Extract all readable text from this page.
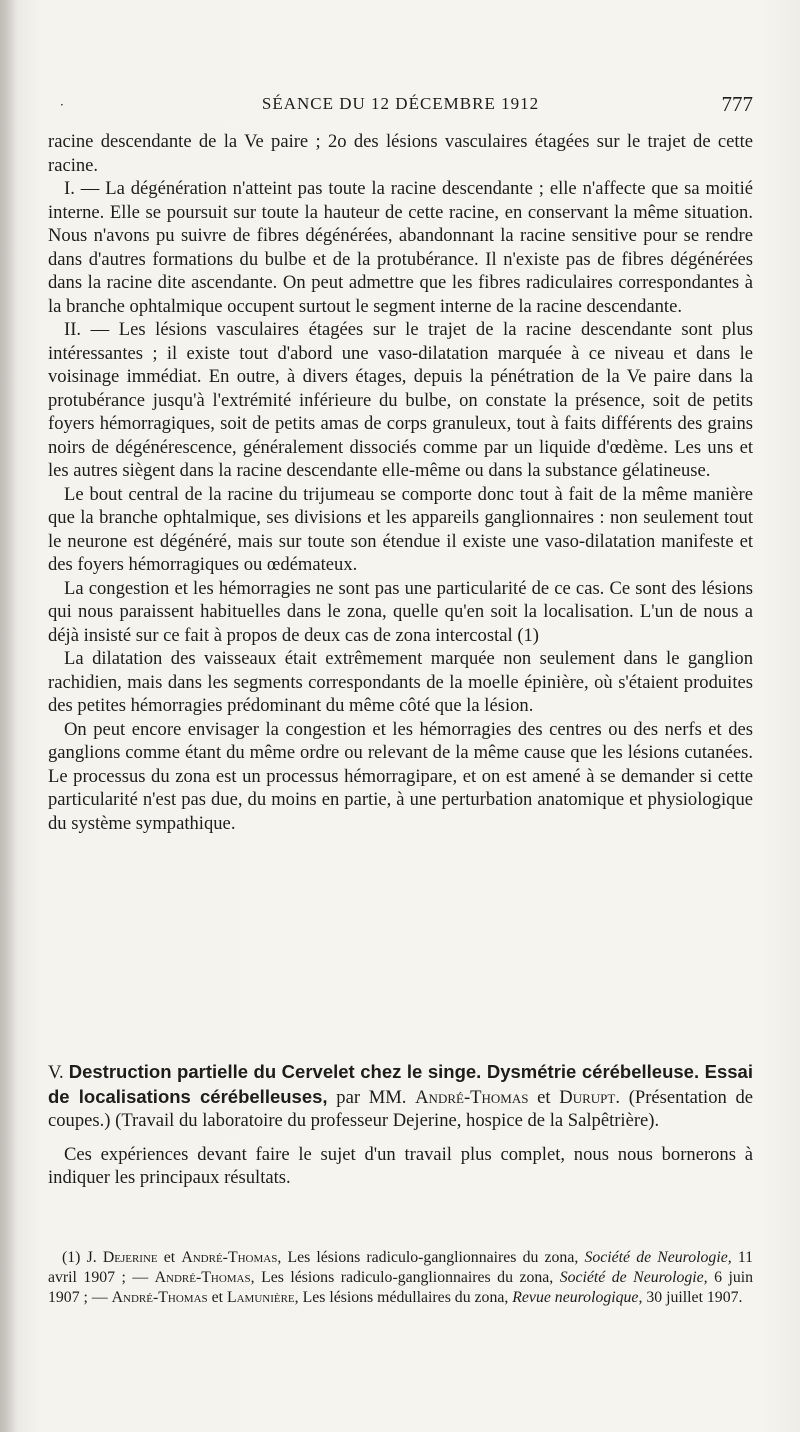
·	SÉANCE DU 12 DÉCEMBRE 1912	777

racine descendante de la Ve paire ; 2o des lésions vasculaires étagées sur le trajet de cette racine.

I. — La dégénération n'atteint pas toute la racine descendante ; elle n'affecte que sa moitié interne. Elle se poursuit sur toute la hauteur de cette racine, en conservant la même situation. Nous n'avons pu suivre de fibres dégénérées, abandonnant la racine sensitive pour se rendre dans d'autres formations du bulbe et de la protubérance. Il n'existe pas de fibres dégénérées dans la racine dite ascendante. On peut admettre que les fibres radiculaires correspondantes à la branche ophtalmique occupent surtout le segment interne de la racine descendante.

II. — Les lésions vasculaires étagées sur le trajet de la racine descendante sont plus intéressantes ; il existe tout d'abord une vaso-dilatation marquée à ce niveau et dans le voisinage immédiat. En outre, à divers étages, depuis la pénétration de la Ve paire dans la protubérance jusqu'à l'extrémité inférieure du bulbe, on constate la présence, soit de petits foyers hémorragiques, soit de petits amas de corps granuleux, tout à faits différents des grains noirs de dégénérescence, généralement dissociés comme par un liquide d'œdème. Les uns et les autres siègent dans la racine descendante elle-même ou dans la substance gélatineuse.

Le bout central de la racine du trijumeau se comporte donc tout à fait de la même manière que la branche ophtalmique, ses divisions et les appareils ganglionnaires : non seulement tout le neurone est dégénéré, mais sur toute son étendue il existe une vaso-dilatation manifeste et des foyers hémorragiques ou œdémateux.

La congestion et les hémorragies ne sont pas une particularité de ce cas. Ce sont des lésions qui nous paraissent habituelles dans le zona, quelle qu'en soit la localisation. L'un de nous a déjà insisté sur ce fait à propos de deux cas de zona intercostal (1)

La dilatation des vaisseaux était extrêmement marquée non seulement dans le ganglion rachidien, mais dans les segments correspondants de la moelle épinière, où s'étaient produites des petites hémorragies prédominant du même côté que la lésion.

On peut encore envisager la congestion et les hémorragies des centres ou des nerfs et des ganglions comme étant du même ordre ou relevant de la même cause que les lésions cutanées. Le processus du zona est un processus hémorragipare, et on est amené à se demander si cette particularité n'est pas due, du moins en partie, à une perturbation anatomique et physiologique du système sympathique.

V. Destruction partielle du Cervelet chez le singe. Dysmétrie cérébelleuse. Essai de localisations cérébelleuses, par MM. André-Thomas et Durupt. (Présentation de coupes.) (Travail du laboratoire du professeur Dejerine, hospice de la Salpêtrière).

Ces expériences devant faire le sujet d'un travail plus complet, nous nous bornerons à indiquer les principaux résultats.

(1) J. Dejerine et André-Thomas, Les lésions radiculo-ganglionnaires du zona, Société de Neurologie, 11 avril 1907 ; — André-Thomas, Les lésions radiculo-ganglionnaires du zona, Société de Neurologie, 6 juin 1907 ; — André-Thomas et Lamunière, Les lésions médullaires du zona, Revue neurologique, 30 juillet 1907.
